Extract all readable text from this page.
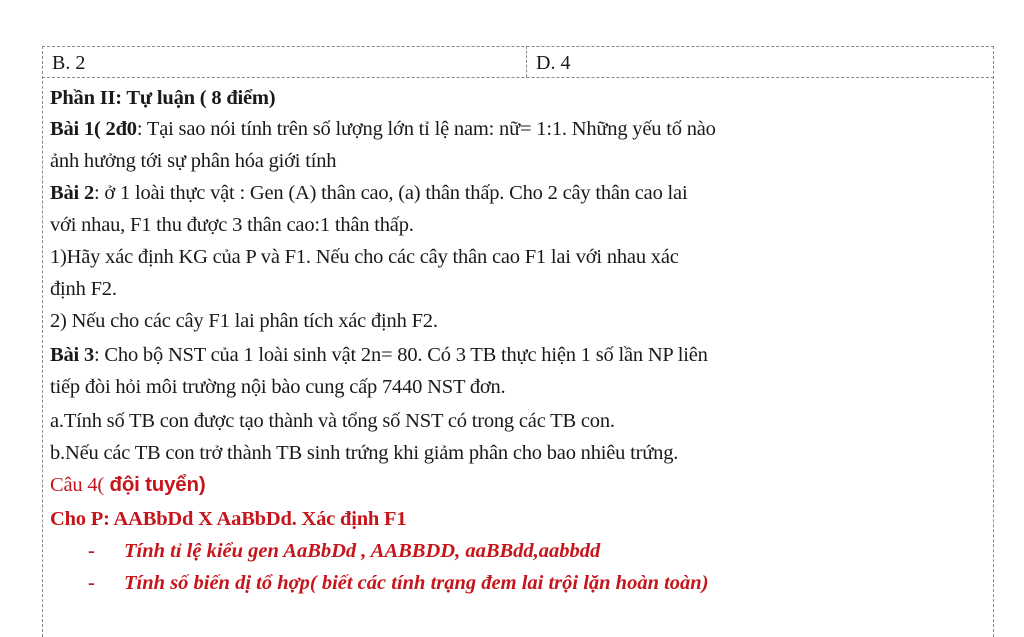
B. 2	D. 4
Phần II: Tự luận ( 8 điểm)
Bài 1( 2đ0: Tại sao nói tính trên số lượng lớn tỉ lệ nam: nữ= 1:1. Những yếu tố nào
ảnh hưởng tới sự phân hóa giới tính
Bài 2: ở 1 loài thực vật : Gen (A) thân cao, (a) thân thấp. Cho 2 cây thân cao lai
với nhau, F1 thu được 3 thân cao:1 thân thấp.
1)Hãy xác định KG của P và F1. Nếu cho các cây thân cao F1 lai với nhau xác
định F2.
2) Nếu cho các cây F1 lai phân tích xác định F2.
Bài 3: Cho bộ NST của 1 loài sinh vật 2n= 80. Có 3 TB thực hiện 1 số lần NP liên
tiếp đòi hỏi môi trường nội bào cung cấp 7440 NST đơn.
a.Tính số TB con được tạo thành và tổng số NST có trong các TB con.
b.Nếu các TB con trở thành TB sinh trứng khi giảm phân cho bao nhiêu trứng.
Câu 4( đội tuyển)
Cho P: AABbDd X AaBbDd. Xác định F1
- Tính tỉ lệ kiểu gen AaBbDd , AABBDD, aaBBdd,aabbdd
- Tính số biến dị tổ hợp( biết các tính trạng đem lai trội lặn hoàn toàn)
